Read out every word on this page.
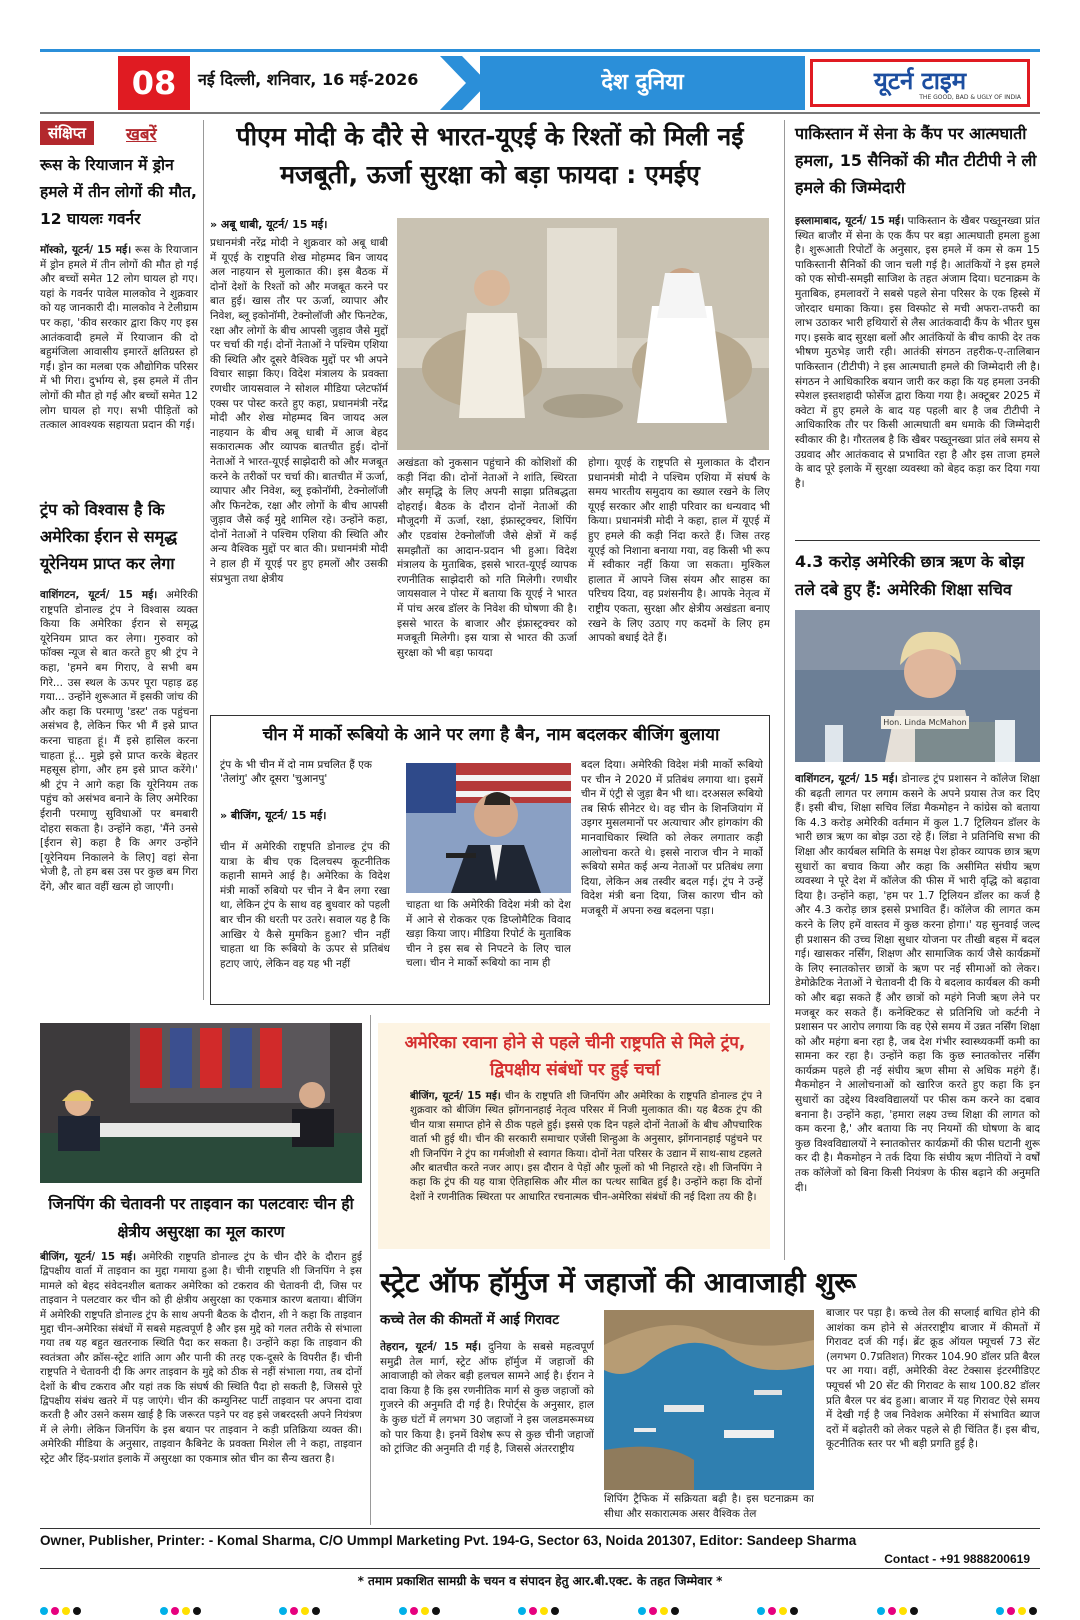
08	नई दिल्ली, शनिवार, 16 मई-2026	देश दुनिया	यूटर्न टाइम
THE GOOD, BAD & UGLY OF INDIA
संक्षिप्त	खबरें
रूस के रियाजान में ड्रोन हमले में तीन लोगों की मौत, 12 घायलः गवर्नर
मॉस्को, यूटर्न/ 15 मई। रूस के रियाजान में ड्रोन हमले में तीन लोगों की मौत हो गई और बच्चों समेत 12 लोग घायल हो गए। यहां के गवर्नर पावेल मालकोव ने शुक्रवार को यह जानकारी दी। मालकोव ने टेलीग्राम पर कहा, 'कीव सरकार द्वारा किए गए इस आतंकवादी हमले में रियाजान की दो बहुमंजिला आवासीय इमारतें क्षतिग्रस्त हो गईं। ड्रोन का मलबा एक औद्योगिक परिसर में भी गिरा। दुर्भाग्य से, इस हमले में तीन लोगों की मौत हो गई और बच्चों समेत 12 लोग घायल हो गए। सभी पीड़ितों को तत्काल आवश्यक सहायता प्रदान की गई।
ट्रंप को विश्वास है कि अमेरिका ईरान से समृद्ध यूरेनियम प्राप्त कर लेगा
वाशिंगटन, यूटर्न/ 15 मई। अमेरिकी राष्ट्रपति डोनाल्ड ट्रंप ने विश्वास व्यक्त किया कि अमेरिका ईरान से समृद्ध यूरेनियम प्राप्त कर लेगा। गुरुवार को फॉक्स न्यूज से बात करते हुए श्री ट्रंप ने कहा, 'हमने बम गिराए, वे सभी बम गिरे... उस स्थल के ऊपर पूरा पहाड़ ढह गया... उन्होंने शुरूआत में इसकी जांच की और कहा कि परमाणु 'डस्ट' तक पहुंचना असंभव है, लेकिन फिर भी मैं इसे प्राप्त करना चाहता हूं। मैं इसे हासिल करना चाहता हूं... मुझे इसे प्राप्त करके बेहतर महसूस होगा, और हम इसे प्राप्त करेंगे।' श्री ट्रंप ने आगे कहा कि यूरेनियम तक पहुंच को असंभव बनाने के लिए अमेरिका ईरानी परमाणु सुविधाओं पर बमबारी दोहरा सकता है। उन्होंने कहा, 'मैंने उनसे [ईरान से] कहा है कि अगर उन्होंने [यूरेनियम निकालने के लिए] वहां सेना भेजी है, तो हम बस उस पर कुछ बम गिरा देंगे, और बात वहीं खत्म हो जाएगी।
पीएम मोदी के दौरे से भारत-यूएई के रिश्तों को मिली नई मजबूती, ऊर्जा सुरक्षा को बड़ा फायदा : एमईए
» अबू धाबी, यूटर्न/ 15 मई।
प्रधानमंत्री नरेंद्र मोदी ने शुक्रवार को अबू धाबी में यूएई के राष्ट्रपति शेख मोहम्मद बिन जायद अल नाहयान से मुलाकात की। इस बैठक में दोनों देशों के रिश्तों को और मजबूत करने पर बात हुई। खास तौर पर ऊर्जा, व्यापार और निवेश, ब्लू इकोनॉमी, टेक्नोलॉजी और फिनटेक, रक्षा और लोगों के बीच आपसी जुड़ाव जैसे मुद्दों पर चर्चा की गई। दोनों नेताओं ने पश्चिम एशिया की स्थिति और दूसरे वैश्विक मुद्दों पर भी अपने विचार साझा किए। विदेश मंत्रालय के प्रवक्ता रणधीर जायसवाल ने सोशल मीडिया प्लेटफॉर्म एक्स पर पोस्ट करते हुए कहा, प्रधानमंत्री नरेंद्र मोदी और शेख मोहम्मद बिन जायद अल नाहयान के बीच अबू धाबी में आज बेहद सकारात्मक और व्यापक बातचीत हुई। दोनों नेताओं ने भारत-यूएई साझेदारी को और मजबूत करने के तरीकों पर चर्चा की। बातचीत में ऊर्जा, व्यापार और निवेश, ब्लू इकोनॉमी, टेक्नोलॉजी और फिनटेक, रक्षा और लोगों के बीच आपसी जुड़ाव जैसे कई मुद्दे शामिल रहे। उन्होंने कहा, दोनों नेताओं ने पश्चिम एशिया की स्थिति और अन्य वैश्विक मुद्दों पर बात की। प्रधानमंत्री मोदी ने हाल ही में यूएई पर हुए हमलों और उसकी संप्रभुता तथा क्षेत्रीय
अखंडता को नुकसान पहुंचाने की कोशिशों की कड़ी निंदा की। दोनों नेताओं ने शांति, स्थिरता और समृद्धि के लिए अपनी साझा प्रतिबद्धता दोहराई। बैठक के दौरान दोनों नेताओं की मौजूदगी में ऊर्जा, रक्षा, इंफ्रास्ट्रक्चर, शिपिंग और एडवांस टेक्नोलॉजी जैसे क्षेत्रों में कई समझौतों का आदान-प्रदान भी हुआ। विदेश मंत्रालय के मुताबिक, इससे भारत-यूएई व्यापक रणनीतिक साझेदारी को गति मिलेगी। रणधीर जायसवाल ने पोस्ट में बताया कि यूएई ने भारत में पांच अरब डॉलर के निवेश की घोषणा की है। इससे भारत के बाजार और इंफ्रास्ट्रक्चर को मजबूती मिलेगी। इस यात्रा से भारत की ऊर्जा सुरक्षा को भी बड़ा फायदा
होगा। यूएई के राष्ट्रपति से मुलाकात के दौरान प्रधानमंत्री मोदी ने पश्चिम एशिया में संघर्ष के समय भारतीय समुदाय का ख्याल रखने के लिए यूएई सरकार और शाही परिवार का धन्यवाद भी किया। प्रधानमंत्री मोदी ने कहा, हाल में यूएई में हुए हमले की कड़ी निंदा करते हैं। जिस तरह यूएई को निशाना बनाया गया, वह किसी भी रूप में स्वीकार नहीं किया जा सकता। मुश्किल हालात में आपने जिस संयम और साहस का परिचय दिया, वह प्रशंसनीय है। आपके नेतृत्व में राष्ट्रीय एकता, सुरक्षा और क्षेत्रीय अखंडता बनाए रखने के लिए उठाए गए कदमों के लिए हम आपको बधाई देते हैं।
चीन में मार्को रूबियो के आने पर लगा है बैन, नाम बदलकर बीजिंग बुलाया
ट्रंप के भी चीन में दो नाम प्रचलित हैं एक 'तेलांगु' और दूसरा 'चुआनपु'
» बीजिंग, यूटर्न/ 15 मई।
चीन में अमेरिकी राष्ट्रपति डोनाल्ड ट्रंप की यात्रा के बीच एक दिलचस्प कूटनीतिक कहानी सामने आई है। अमेरिका के विदेश मंत्री मार्को रुबियो पर चीन ने बैन लगा रखा था, लेकिन ट्रंप के साथ वह बुधवार को पहली बार चीन की धरती पर उतरे। सवाल यह है कि आखिर ये कैसे मुमकिन हुआ? चीन नहीं चाहता था कि रूबियो के ऊपर से प्रतिबंध हटाए जाएं, लेकिन वह यह भी नहीं
चाहता था कि अमेरिकी विदेश मंत्री को देश में आने से रोककर एक डिप्लोमैटिक विवाद खड़ा किया जाए। मीडिया रिपोर्ट के मुताबिक चीन ने इस सब से निपटने के लिए चाल चला। चीन ने मार्को रूबियो का नाम ही
बदल दिया। अमेरिकी विदेश मंत्री मार्को रूबियो पर चीन ने 2020 में प्रतिबंध लगाया था। इसमें चीन में एंट्री से जुड़ा बैन भी था। दरअसल रूबियो तब सिर्फ सीनेटर थे। वह चीन के शिनजियांग में उइगर मुसलमानों पर अत्याचार और हांगकांग की मानवाधिकार स्थिति को लेकर लगातार कड़ी आलोचना करते थे। इससे नाराज चीन ने मार्को रूबियो समेत कई अन्य नेताओं पर प्रतिबंध लगा दिया, लेकिन अब तस्वीर बदल गई। ट्रंप ने उन्हें विदेश मंत्री बना दिया, जिस कारण चीन को मजबूरी में अपना रुख बदलना पड़ा।
पाकिस्तान में सेना के कैंप पर आत्मघाती हमला, 15 सैनिकों की मौत टीटीपी ने ली हमले की जिम्मेदारी
इस्लामाबाद, यूटर्न/ 15 मई। पाकिस्तान के खैबर पख्तूनख्वा प्रांत स्थित बाजौर में सेना के एक कैंप पर बड़ा आत्मघाती हमला हुआ है। शुरूआती रिपोर्टों के अनुसार, इस हमले में कम से कम 15 पाकिस्तानी सैनिकों की जान चली गई है। आतंकियों ने इस हमले को एक सोची-समझी साजिश के तहत अंजाम दिया। घटनाक्रम के मुताबिक, हमलावरों ने सबसे पहले सेना परिसर के एक हिस्से में जोरदार धमाका किया। इस विस्फोट से मची अफरा-तफरी का लाभ उठाकर भारी हथियारों से लैस आतंकवादी कैंप के भीतर घुस गए। इसके बाद सुरक्षा बलों और आतंकियों के बीच काफी देर तक भीषण मुठभेड़ जारी रही। आतंकी संगठन तहरीक-ए-तालिबान पाकिस्तान (टीटीपी) ने इस आत्मघाती हमले की जिम्मेदारी ली है। संगठन ने आधिकारिक बयान जारी कर कहा कि यह हमला उनकी स्पेशल इस्तशहादी फोर्सेज द्वारा किया गया है। अक्टूबर 2025 में क्वेटा में हुए हमले के बाद यह पहली बार है जब टीटीपी ने आधिकारिक तौर पर किसी आत्मघाती बम धमाके की जिम्मेदारी स्वीकार की है। गौरतलब है कि खैबर पख्तूनख्वा प्रांत लंबे समय से उग्रवाद और आतंकवाद से प्रभावित रहा है और इस ताजा हमले के बाद पूरे इलाके में सुरक्षा व्यवस्था को बेहद कड़ा कर दिया गया है।
4.3 करोड़ अमेरिकी छात्र ऋण के बोझ तले दबे हुए हैं: अमेरिकी शिक्षा सचिव
Hon. Linda McMahon
वाशिंगटन, यूटर्न/ 15 मई। डोनाल्ड ट्रंप प्रशासन ने कॉलेज शिक्षा की बढ़ती लागत पर लगाम कसने के अपने प्रयास तेज कर दिए हैं। इसी बीच, शिक्षा सचिव लिंडा मैकमोहन ने कांग्रेस को बताया कि 4.3 करोड़ अमेरिकी वर्तमान में कुल 1.7 ट्रिलियन डॉलर के भारी छात्र ऋण का बोझ उठा रहे हैं। लिंडा ने प्रतिनिधि सभा की शिक्षा और कार्यबल समिति के समक्ष पेश होकर व्यापक छात्र ऋण सुधारों का बचाव किया और कहा कि असीमित संघीय ऋण व्यवस्था ने पूरे देश में कॉलेज की फीस में भारी वृद्धि को बढ़ावा दिया है। उन्होंने कहा, 'हम पर 1.7 ट्रिलियन डॉलर का कर्ज है और 4.3 करोड़ छात्र इससे प्रभावित हैं। कॉलेज की लागत कम करने के लिए हमें वास्तव में कुछ करना होगा।' यह सुनवाई जल्द ही प्रशासन की उच्च शिक्षा सुधार योजना पर तीखी बहस में बदल गई। खासकर नर्सिंग, शिक्षण और सामाजिक कार्य जैसे कार्यक्रमों के लिए स्नातकोत्तर छात्रों के ऋण पर नई सीमाओं को लेकर। डेमोक्रेटिक नेताओं ने चेतावनी दी कि ये बदलाव कार्यबल की कमी को और बढ़ा सकते हैं और छात्रों को महंगे निजी ऋण लेने पर मजबूर कर सकते हैं। कनेक्टिकट से प्रतिनिधि जो कर्टनी ने प्रशासन पर आरोप लगाया कि वह ऐसे समय में उन्नत नर्सिंग शिक्षा को और महंगा बना रहा है, जब देश गंभीर स्वास्थ्यकर्मी कमी का सामना कर रहा है। उन्होंने कहा कि कुछ स्नातकोत्तर नर्सिंग कार्यक्रम पहले ही नई संघीय ऋण सीमा से अधिक महंगे हैं। मैकमोहन ने आलोचनाओं को खारिज करते हुए कहा कि इन सुधारों का उद्देश्य विश्वविद्यालयों पर फीस कम करने का दबाव बनाना है। उन्होंने कहा, 'हमारा लक्ष्य उच्च शिक्षा की लागत को कम करना है,' और बताया कि नए नियमों की घोषणा के बाद कुछ विश्वविद्यालयों ने स्नातकोत्तर कार्यक्रमों की फीस घटानी शुरू कर दी है। मैकमोहन ने तर्क दिया कि संघीय ऋण नीतियों ने वर्षों तक कॉलेजों को बिना किसी नियंत्रण के फीस बढ़ाने की अनुमति दी।
जिनपिंग की चेतावनी पर ताइवान का पलटवारः चीन ही क्षेत्रीय असुरक्षा का मूल कारण
बीजिंग, यूटर्न/ 15 मई। अमेरिकी राष्ट्रपति डोनाल्ड ट्रंप के चीन दौरे के दौरान हुई द्विपक्षीय वार्ता में ताइवान का मुद्दा गमाया हुआ है। चीनी राष्ट्रपति शी जिनपिंग ने इस मामले को बेहद संवेदनशील बताकर अमेरिका को टकराव की चेतावनी दी, जिस पर ताइवान ने पलटवार कर चीन को ही क्षेत्रीय असुरक्षा का एकमात्र कारण बताया। बीजिंग में अमेरिकी राष्ट्रपति डोनाल्ड ट्रंप के साथ अपनी बैठक के दौरान, शी ने कहा कि ताइवान मुद्दा चीन-अमेरिका संबंधों में सबसे महत्वपूर्ण है और इस मुद्दे को गलत तरीके से संभाला गया तब यह बहुत खतरनाक स्थिति पैदा कर सकता है। उन्होंने कहा कि ताइवान की स्वतंत्रता और क्रॉस-स्ट्रेट शांति आग और पानी की तरह एक-दूसरे के विपरीत हैं। चीनी राष्ट्रपति ने चेतावनी दी कि अगर ताइवान के मुद्दे को ठीक से नहीं संभाला गया, तब दोनों देशों के बीच टकराव और यहां तक कि संघर्ष की स्थिति पैदा हो सकती है, जिससे पूरे द्विपक्षीय संबंध खतरे में पड़ जाएंगे। चीन की कम्युनिस्ट पार्टी ताइवान पर अपना दावा करती है और उसने कसम खाई है कि जरूरत पड़ने पर वह इसे जबरदस्ती अपने नियंत्रण में ले लेगी। लेकिन जिनपिंग के इस बयान पर ताइवान ने कड़ी प्रतिक्रिया व्यक्त की। अमेरिकी मीडिया के अनुसार, ताइवान कैबिनेट के प्रवक्ता मिशेल ली ने कहा, ताइवान स्ट्रेट और हिंद-प्रशांत इलाके में असुरक्षा का एकमात्र स्रोत चीन का सैन्य खतरा है।
अमेरिका रवाना होने से पहले चीनी राष्ट्रपति से मिले ट्रंप, द्विपक्षीय संबंधों पर हुई चर्चा
बीजिंग, यूटर्न/ 15 मई। चीन के राष्ट्रपति शी जिनपिंग और अमेरिका के राष्ट्रपति डोनाल्ड ट्रंप ने शुक्रवार को बीजिंग स्थित झोंगनानहाई नेतृत्व परिसर में निजी मुलाकात की। यह बैठक ट्रंप की चीन यात्रा समाप्त होने से ठीक पहले हुई। इससे एक दिन पहले दोनों नेताओं के बीच औपचारिक वार्ता भी हुई थी। चीन की सरकारी समाचार एजेंसी शिन्हुआ के अनुसार, झोंगनानहाई पहुंचने पर शी जिनपिंग ने ट्रंप का गर्मजोशी से स्वागत किया। दोनों नेता परिसर के उद्यान में साथ-साथ टहलते और बातचीत करते नजर आए। इस दौरान वे पेड़ों और फूलों को भी निहारते रहे। शी जिनपिंग ने कहा कि ट्रंप की यह यात्रा ऐतिहासिक और मील का पत्थर साबित हुई है। उन्होंने कहा कि दोनों देशों ने रणनीतिक स्थिरता पर आधारित रचनात्मक चीन-अमेरिका संबंधों की नई दिशा तय की है।
स्ट्रेट ऑफ हॉर्मुज में जहाजों की आवाजाही शुरू
कच्चे तेल की कीमतों में आई गिरावट
तेहरान, यूटर्न/ 15 मई। दुनिया के सबसे महत्वपूर्ण समुद्री तेल मार्ग, स्ट्रेट ऑफ हॉर्मुज में जहाजों की आवाजाही को लेकर बड़ी हलचल सामने आई है। ईरान ने दावा किया है कि इस रणनीतिक मार्ग से कुछ जहाजों को गुजरने की अनुमति दी गई है। रिपोर्ट्स के अनुसार, हाल के कुछ घंटों में लगभग 30 जहाजों ने इस जलडमरूमध्य को पार किया है। इनमें विशेष रूप से कुछ चीनी जहाजों को ट्रांजिट की अनुमति दी गई है, जिससे अंतरराष्ट्रीय
शिपिंग ट्रैफिक में सक्रियता बढ़ी है। इस घटनाक्रम का सीधा और सकारात्मक असर वैश्विक तेल
बाजार पर पड़ा है। कच्चे तेल की सप्लाई बाधित होने की आशंका कम होने से अंतरराष्ट्रीय बाजार में कीमतों में गिरावट दर्ज की गई। ब्रेंट क्रूड ऑयल फ्यूचर्स 73 सेंट (लगभग 0.7प्रतिशत) गिरकर 104.90 डॉलर प्रति बैरल पर आ गया। वहीं, अमेरिकी वेस्ट टेक्सास इंटरमीडिएट फ्यूचर्स भी 20 सेंट की गिरावट के साथ 100.82 डॉलर प्रति बैरल पर बंद हुआ। बाजार में यह गिरावट ऐसे समय में देखी गई है जब निवेशक अमेरिका में संभावित ब्याज दरों में बढ़ोतरी को लेकर पहले से ही चिंतित हैं। इस बीच, कूटनीतिक स्तर पर भी बड़ी प्रगति हुई है।
Owner, Publisher, Printer: - Komal Sharma, C/O Ummpl Marketing Pvt. 194-G, Sector 63, Noida 201307, Editor: Sandeep Sharma
Contact - +91 9888200619
* तमाम प्रकाशित सामग्री के चयन व संपादन हेतु आर.बी.एक्ट. के तहत जिम्मेवार *
